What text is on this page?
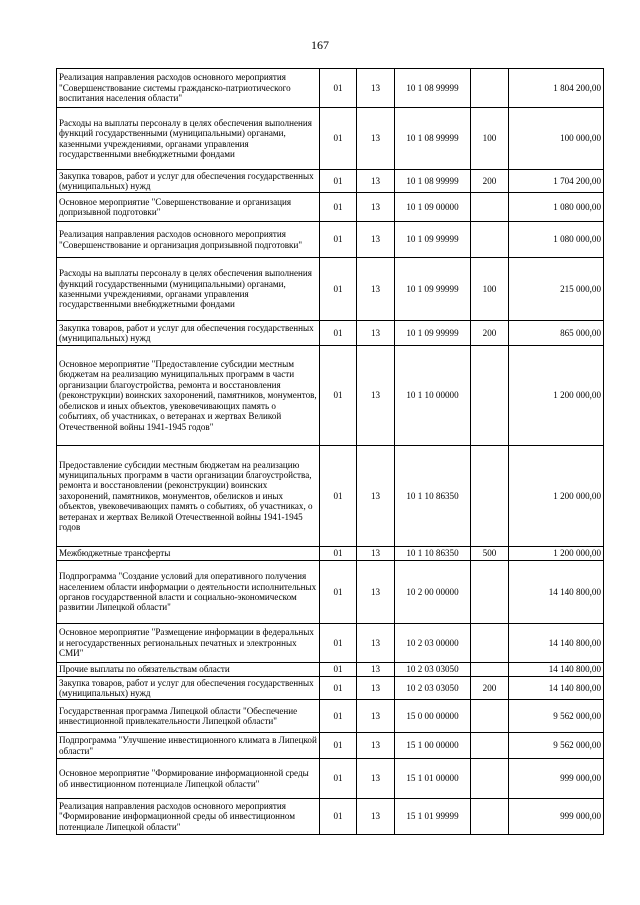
167
Реализация направления расходов основного мероприятия "Совершенствование системы гражданско-патриотического воспитания населения области"	01	13	10 1 08 99999		1 804 200,00
Расходы на выплаты персоналу в целях обеспечения выполнения функций государственными (муниципальными) органами, казенными учреждениями, органами управления государственными внебюджетными фондами	01	13	10 1 08 99999	100	100 000,00
Закупка товаров, работ и услуг для обеспечения государственных (муниципальных) нужд	01	13	10 1 08 99999	200	1 704 200,00
Основное мероприятие "Совершенствование и организация допризывной подготовки"	01	13	10 1 09 00000		1 080 000,00
Реализация направления расходов основного мероприятия "Совершенствование и организация допризывной подготовки"	01	13	10 1 09 99999		1 080 000,00
Расходы на выплаты персоналу в целях обеспечения выполнения функций государственными (муниципальными) органами, казенными учреждениями, органами управления государственными внебюджетными фондами	01	13	10 1 09 99999	100	215 000,00
Закупка товаров, работ и услуг для обеспечения государственных (муниципальных) нужд	01	13	10 1 09 99999	200	865 000,00
Основное мероприятие "Предоставление субсидии местным бюджетам на реализацию муниципальных программ в части организации благоустройства, ремонта и восстановления (реконструкции) воинских захоронений, памятников, монументов, обелисков и иных объектов, увековечивающих память о событиях, об участниках, о ветеранах и жертвах Великой Отечественной войны 1941-1945 годов"	01	13	10 1 10 00000		1 200 000,00
Предоставление субсидии местным бюджетам на реализацию муниципальных программ в части организации благоустройства, ремонта и восстановлении (реконструкции) воинских захоронений, памятников, монументов, обелисков и иных объектов, увековечивающих память о событиях, об участниках, о ветеранах и жертвах Великой Отечественной войны 1941-1945 годов	01	13	10 1 10 86350		1 200 000,00
Межбюджетные трансферты	01	13	10 1 10 86350	500	1 200 000,00
Подпрограмма "Создание условий для оперативного получения населением области информации о деятельности исполнительных органов государственной власти и социально-экономическом развитии Липецкой области"	01	13	10 2 00 00000		14 140 800,00
Основное мероприятие "Размещение информации в федеральных и негосударственных региональных печатных и электронных СМИ"	01	13	10 2 03 00000		14 140 800,00
Прочие выплаты по обязательствам области	01	13	10 2 03 03050		14 140 800,00
Закупка товаров, работ и услуг для обеспечения государственных (муниципальных) нужд	01	13	10 2 03 03050	200	14 140 800,00
Государственная программа Липецкой области "Обеспечение инвестиционной привлекательности Липецкой области"	01	13	15 0 00 00000		9 562 000,00
Подпрограмма "Улучшение инвестиционного климата в Липецкой области"	01	13	15 1 00 00000		9 562 000,00
Основное мероприятие "Формирование информационной среды об инвестиционном потенциале Липецкой области"	01	13	15 1 01 00000		999 000,00
Реализация направления расходов основного мероприятия "Формирование информационной среды об инвестиционном потенциале Липецкой области"	01	13	15 1 01 99999		999 000,00
